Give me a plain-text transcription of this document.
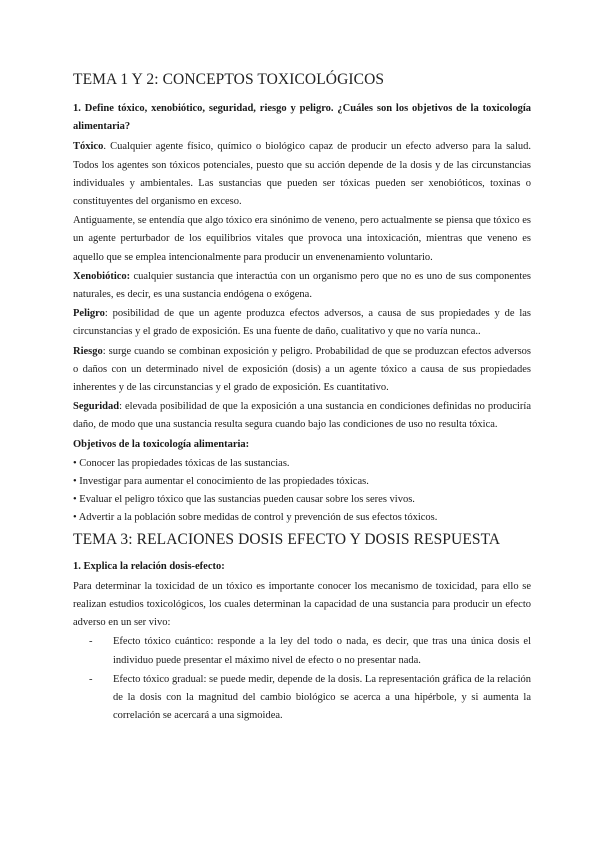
TEMA 1 Y 2: CONCEPTOS TOXICOLÓGICOS

1. Define tóxico, xenobiótico, seguridad, riesgo y peligro. ¿Cuáles son los objetivos de la toxicología alimentaria?

Tóxico. Cualquier agente físico, químico o biológico capaz de producir un efecto adverso para la salud. Todos los agentes son tóxicos potenciales, puesto que su acción depende de la dosis y de las circunstancias individuales y ambientales. Las sustancias que pueden ser tóxicas pueden ser xenobióticos, toxinas o constituyentes del organismo en exceso.

Antiguamente, se entendía que algo tóxico era sinónimo de veneno, pero actualmente se piensa que tóxico es un agente perturbador de los equilibrios vitales que provoca una intoxicación, mientras que veneno es aquello que se emplea intencionalmente para producir un envenenamiento voluntario.

Xenobiótico: cualquier sustancia que interactúa con un organismo pero que no es uno de sus componentes naturales, es decir, es una sustancia endógena o exógena.

Peligro: posibilidad de que un agente produzca efectos adversos, a causa de sus propiedades y de las circunstancias y el grado de exposición. Es una fuente de daño, cualitativo y que no varía nunca..

Riesgo: surge cuando se combinan exposición y peligro. Probabilidad de que se produzcan efectos adversos o daños con un determinado nivel de exposición (dosis) a un agente tóxico a causa de sus propiedades inherentes y de las circunstancias y el grado de exposición. Es cuantitativo.

Seguridad: elevada posibilidad de que la exposición a una sustancia en condiciones definidas no produciría daño, de modo que una sustancia resulta segura cuando bajo las condiciones de uso no resulta tóxica.

Objetivos de la toxicología alimentaria:

• Conocer las propiedades tóxicas de las sustancias.

• Investigar para aumentar el conocimiento de las propiedades tóxicas.

• Evaluar el peligro tóxico que las sustancias pueden causar sobre los seres vivos.

• Advertir a la población sobre medidas de control y prevención de sus efectos tóxicos.

TEMA 3: RELACIONES DOSIS EFECTO Y DOSIS RESPUESTA

1. Explica la relación dosis-efecto:

Para determinar la toxicidad de un tóxico es importante conocer los mecanismo de toxicidad, para ello se realizan estudios toxicológicos, los cuales determinan la capacidad de una sustancia para producir un efecto adverso en un ser vivo:

- Efecto tóxico cuántico: responde a la ley del todo o nada, es decir, que tras una única dosis el individuo puede presentar el máximo nivel de efecto o no presentar nada.
- Efecto tóxico gradual: se puede medir, depende de la dosis. La representación gráfica de la relación de la dosis con la magnitud del cambio biológico se acerca a una hipérbole, y si aumenta la correlación se acercará a una sigmoidea.
